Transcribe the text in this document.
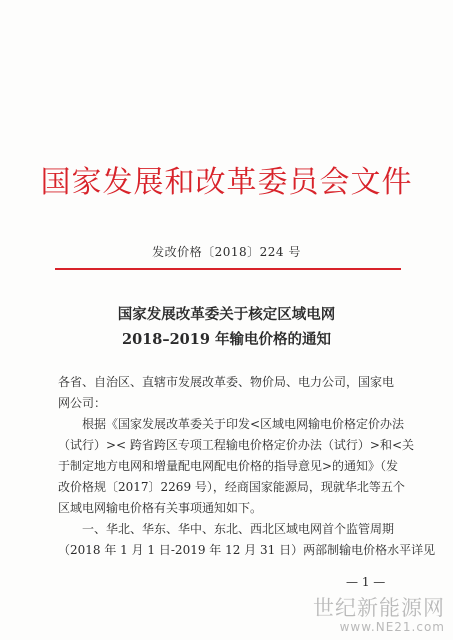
国家发展和改革委员会文件
发改价格〔2018〕224 号
国家发展改革委关于核定区域电网
2018–2019 年输电价格的通知
各省、自治区、直辖市发展改革委、物价局、电力公司，国家电
网公司：
根据《国家发展改革委关于印发<区域电网输电价格定价办法
（试行）>< 跨省跨区专项工程输电价格定价办法（试行）>和<关
于制定地方电网和增量配电网配电价格的指导意见>的通知》（发
改价格规〔2017〕2269 号），经商国家能源局，现就华北等五个
区域电网输电价格有关事项通知如下。
一、华北、华东、华中、东北、西北区域电网首个监管周期
（2018 年 1 月 1 日-2019 年 12 月 31 日）两部制输电价格水平详见
— 1 —
世纪新能源网
www.NE21.com
